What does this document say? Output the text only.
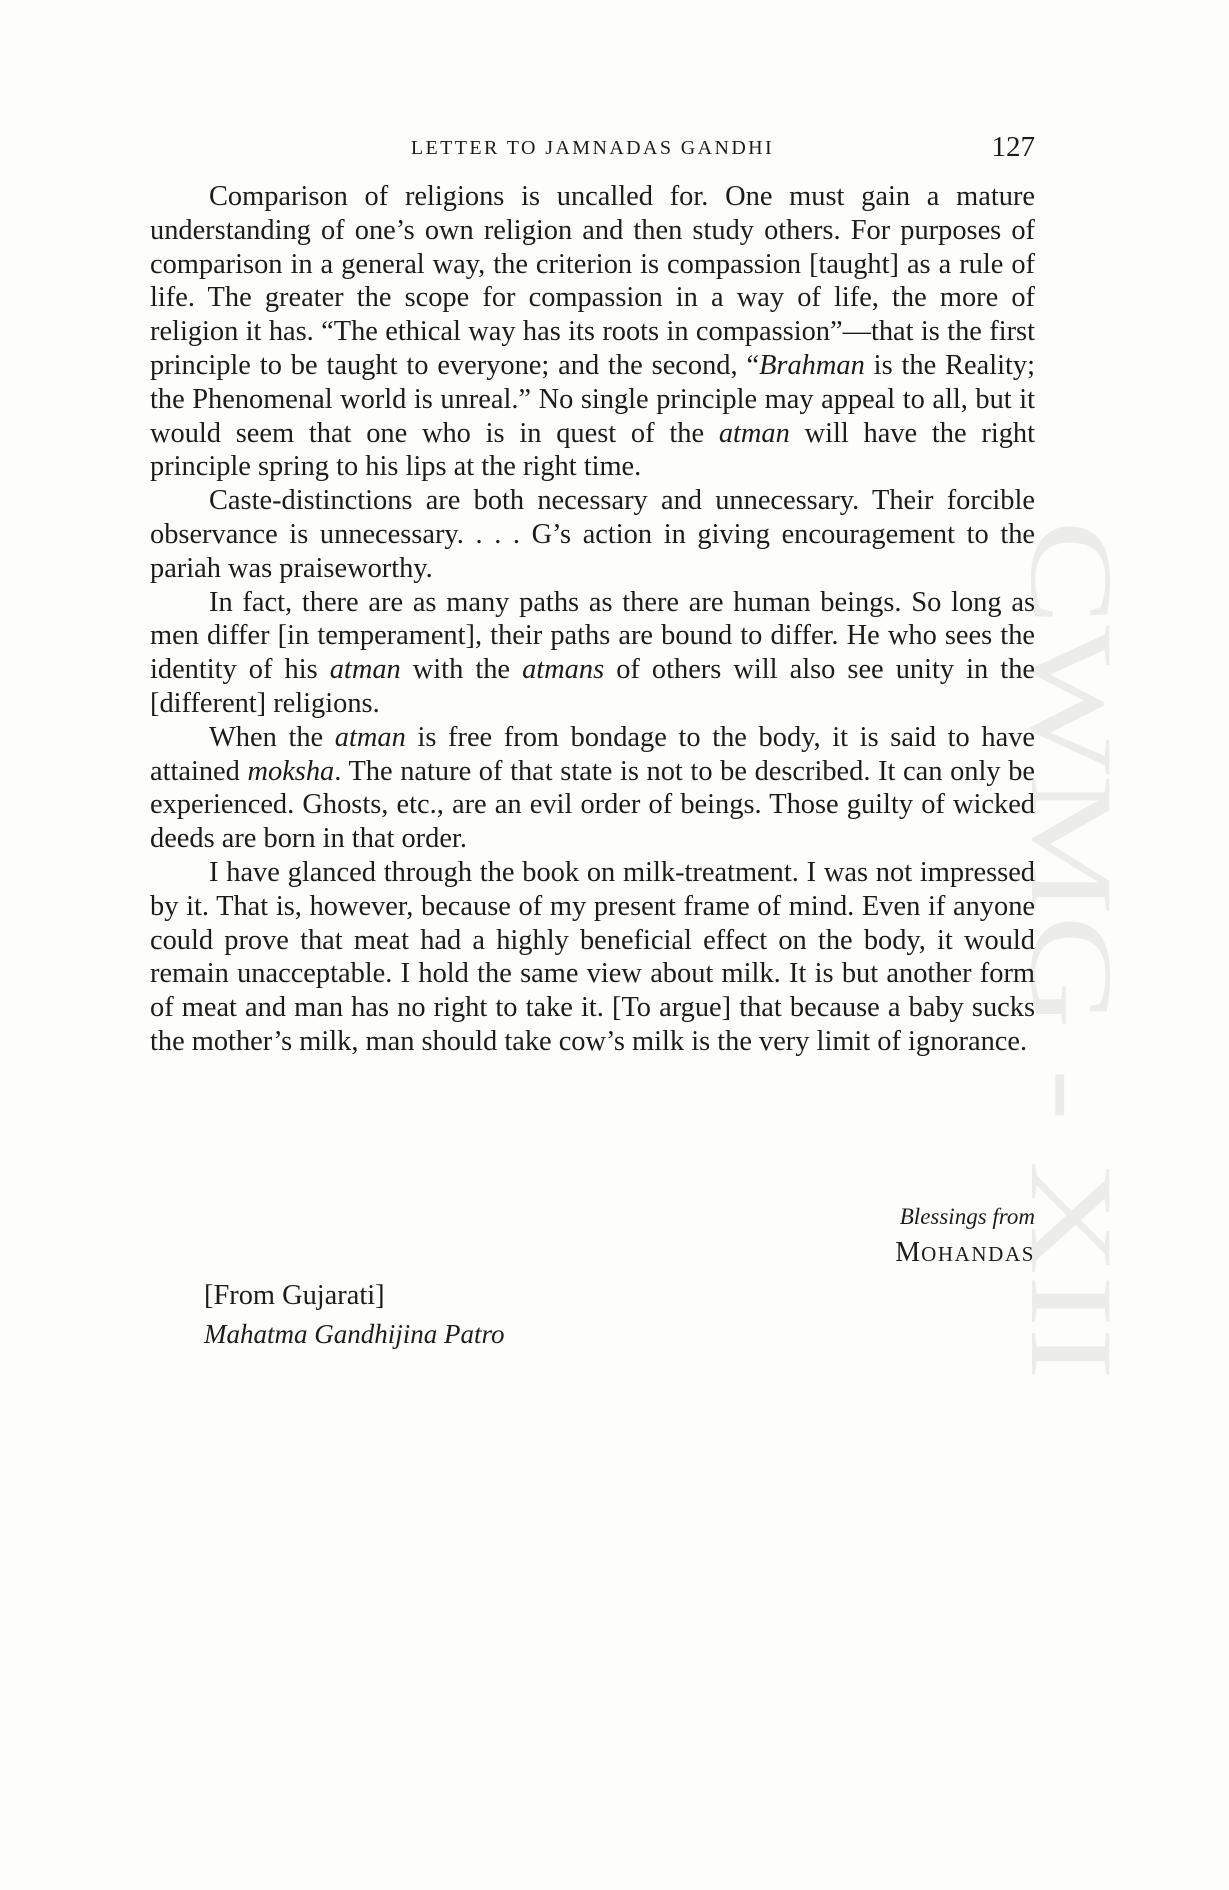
CWMG - XII
LETTER TO JAMNADAS GANDHI	127

Comparison of religions is uncalled for. One must gain a mature understanding of one’s own religion and then study others. For purposes of comparison in a general way, the criterion is compassion [taught] as a rule of life. The greater the scope for compassion in a way of life, the more of religion it has. “The ethical way has its roots in compassion”—that is the first principle to be taught to everyone; and the second, “Brahman is the Reality; the Phenomenal world is unreal.” No single principle may appeal to all, but it would seem that one who is in quest of the atman will have the right principle spring to his lips at the right time.

Caste-distinctions are both necessary and unnecessary. Their forcible observance is unnecessary. . . . G’s action in giving encouragement to the pariah was praiseworthy.

In fact, there are as many paths as there are human beings. So long as men differ [in temperament], their paths are bound to differ. He who sees the identity of his atman with the atmans of others will also see unity in the [different] religions.

When the atman is free from bondage to the body, it is said to have attained moksha. The nature of that state is not to be described. It can only be experienced. Ghosts, etc., are an evil order of beings. Those guilty of wicked deeds are born in that order.

I have glanced through the book on milk-treatment. I was not impressed by it. That is, however, because of my present frame of mind. Even if anyone could prove that meat had a highly beneficial effect on the body, it would remain unacceptable. I hold the same view about milk. It is but another form of meat and man has no right to take it. [To argue] that because a baby sucks the mother’s milk, man should take cow’s milk is the very limit of ignorance.

Blessings from
MOHANDAS
[From Gujarati]
Mahatma Gandhijina Patro
